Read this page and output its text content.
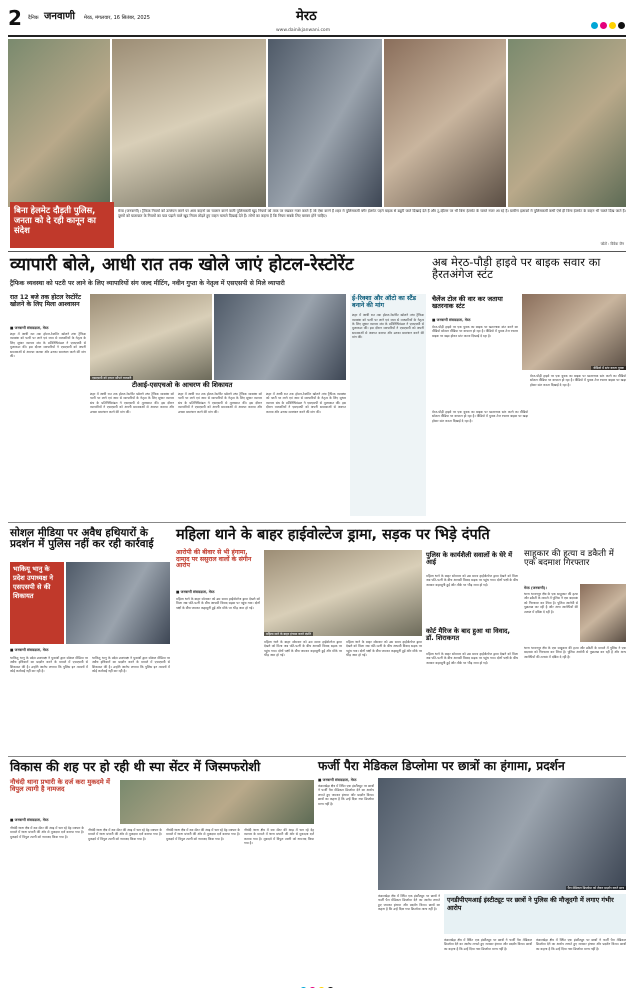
2 दैनिक जनवाणी मेरठ, मंगलवार, 16 सितंबर, 2025	मेरठ
www.dainikjanwani.com
बिना हेलमेट दौड़ती पुलिस, जनता को दे रही कानून का संदेश
मेरठ (जनवाणी)। ट्रैफिक नियमों को उल्लंघन करने पर आम वाहनों का चालान करने वाली पुलिसकर्मी खुद नियमों को ताक पर रखकर नजर करते हैं जो ऐसा करने हैं शहर में पुलिसकर्मी बगैर हेलमेट पहने बाइक से ड्यूटी जाते दिखाई देते हैं और टू-व्हीलर पर भी बिना हेलमेट के चलते नजर आ रहे हैं। ग्रामीण इलाकों में पुलिसकर्मी कभी ऐसे ही बिना हेलमेट के वाहन भी चलते दिख जाते हैं। दूसरों को यातायात के नियमों का पाठ पढ़ाने वाले खुद नियम तोड़ते हुए वाहन चलाते दिखाई देते हैं। लोगों का कहना है कि नियम सबके लिए बराबर होने चाहिए।
फोटो : विवेक जैन
व्यापारी बोले, आधी रात तक खोले जाएं होटल-रेस्टोरेंट
ट्रैफिक व्यवस्था को पटरी पर लाने के लिए व्यापारियों संग जल्द मीटिंग, नवीन गुप्ता के नेतृत्व में एसएसपी से मिले व्यापारी
रात 12 बजे तक होटल रेस्टोरेंट खोलने के लिए मिला आश्वासन
■ जनवाणी संवाददाता, मेरठ
शहर में आधी रात तक होटल-रेस्टोरेंट खोलने तथा ट्रैफिक व्यवस्था को पटरी पर लाने एवं जाम से व्यापारियों के नेतृत्व के लिए सुधार व्यापार संघ के प्रतिनिधिमंडल ने एसएसपी से मुलाकात की। इस दौरान व्यापारियों ने एसएसपी को अपनी समस्याओं से अवगत कराया और उनका समाधान करने की मांग की।
एसएसपी को ज्ञापन सौंपते व्यापारी
टीआई-एसएचओ के आचरण की शिकायत
शहर में आधी रात तक होटल-रेस्टोरेंट खोलने तथा ट्रैफिक व्यवस्था को पटरी पर लाने एवं जाम से व्यापारियों के नेतृत्व के लिए सुधार व्यापार संघ के प्रतिनिधिमंडल ने एसएसपी से मुलाकात की। इस दौरान व्यापारियों ने एसएसपी को अपनी समस्याओं से अवगत कराया और उनका समाधान करने की मांग की।
शहर में आधी रात तक होटल-रेस्टोरेंट खोलने तथा ट्रैफिक व्यवस्था को पटरी पर लाने एवं जाम से व्यापारियों के नेतृत्व के लिए सुधार व्यापार संघ के प्रतिनिधिमंडल ने एसएसपी से मुलाकात की। इस दौरान व्यापारियों ने एसएसपी को अपनी समस्याओं से अवगत कराया और उनका समाधान करने की मांग की।
शहर में आधी रात तक होटल-रेस्टोरेंट खोलने तथा ट्रैफिक व्यवस्था को पटरी पर लाने एवं जाम से व्यापारियों के नेतृत्व के लिए सुधार व्यापार संघ के प्रतिनिधिमंडल ने एसएसपी से मुलाकात की। इस दौरान व्यापारियों ने एसएसपी को अपनी समस्याओं से अवगत कराया और उनका समाधान करने की मांग की।
ई-रिक्शा और ऑटो का स्टैंड बनाने की मांग
शहर में आधी रात तक होटल-रेस्टोरेंट खोलने तथा ट्रैफिक व्यवस्था को पटरी पर लाने एवं जाम से व्यापारियों के नेतृत्व के लिए सुधार व्यापार संघ के प्रतिनिधिमंडल ने एसएसपी से मुलाकात की। इस दौरान व्यापारियों ने एसएसपी को अपनी समस्याओं से अवगत कराया और उनका समाधान करने की मांग की।
अब मेरठ-पौड़ी हाइवे पर बाइक सवार का हैरतअंगेज स्टंट
चैलेंज टोल की वार कर जताया खतरनाक स्टंट
■ जनवाणी संवाददाता, मेरठ
मेरठ-पौड़ी हाइवे पर एक युवक का बाइक पर खतरनाक स्टंट करने का वीडियो सोशल मीडिया पर वायरल हो रहा है। वीडियो में युवक तेज रफ्तार बाइक पर खड़ा होकर स्टंट करता दिखाई दे रहा है।
वीडियो में स्टंट करता युवक
मेरठ-पौड़ी हाइवे पर एक युवक का बाइक पर खतरनाक स्टंट करने का वीडियो सोशल मीडिया पर वायरल हो रहा है। वीडियो में युवक तेज रफ्तार बाइक पर खड़ा होकर स्टंट करता दिखाई दे रहा है।
मेरठ-पौड़ी हाइवे पर एक युवक का बाइक पर खतरनाक स्टंट करने का वीडियो सोशल मीडिया पर वायरल हो रहा है। वीडियो में युवक तेज रफ्तार बाइक पर खड़ा होकर स्टंट करता दिखाई दे रहा है।
सोशल मीडिया पर अवैध हथियारों के प्रदर्शन में पुलिस नहीं कर रही कार्रवाई
भाकियू भानु के प्रदेश उपाध्यक्ष ने एसएसपी से की शिकायत
■ जनवाणी संवाददाता, मेरठ
भाकियू भानु के प्रदेश उपाध्यक्ष ने युवाओं द्वारा सोशल मीडिया पर अवैध हथियारों का प्रदर्शन करने के मामले में एसएसपी से शिकायत की है। उन्होंने आरोप लगाया कि पुलिस इन मामलों में कोई कार्रवाई नहीं कर रही है।
भाकियू भानु के प्रदेश उपाध्यक्ष ने युवाओं द्वारा सोशल मीडिया पर अवैध हथियारों का प्रदर्शन करने के मामले में एसएसपी से शिकायत की है। उन्होंने आरोप लगाया कि पुलिस इन मामलों में कोई कार्रवाई नहीं कर रही है।
महिला थाने के बाहर हाईवोल्टेज ड्रामा, सड़क पर भिड़े दंपति
आरोपी की बीवार से भी हंगामा, दामाद पर ससुराल वालों के संगीन आरोप
■ जनवाणी संवाददाता, मेरठ
महिला थाने के बाहर सोमवार को उस समय हाईवोल्टेज ड्रामा देखने को मिला जब पति-पत्नी के बीच आपसी विवाद सड़क पर पहुंच गया। दोनों पक्षों के बीच जमकर कहासुनी हुई और मौके पर भीड़ जमा हो गई।
महिला थाने के बाहर हंगामा करते दंपति
महिला थाने के बाहर सोमवार को उस समय हाईवोल्टेज ड्रामा देखने को मिला जब पति-पत्नी के बीच आपसी विवाद सड़क पर पहुंच गया। दोनों पक्षों के बीच जमकर कहासुनी हुई और मौके पर भीड़ जमा हो गई।
महिला थाने के बाहर सोमवार को उस समय हाईवोल्टेज ड्रामा देखने को मिला जब पति-पत्नी के बीच आपसी विवाद सड़क पर पहुंच गया। दोनों पक्षों के बीच जमकर कहासुनी हुई और मौके पर भीड़ जमा हो गई।
पुलिस के कार्यशैली सवालों के घेरे में आई
महिला थाने के बाहर सोमवार को उस समय हाईवोल्टेज ड्रामा देखने को मिला जब पति-पत्नी के बीच आपसी विवाद सड़क पर पहुंच गया। दोनों पक्षों के बीच जमकर कहासुनी हुई और मौके पर भीड़ जमा हो गई।
कोर्ट मैरिज के बाद हुआ था विवाद, डॉ. शिराकगत
महिला थाने के बाहर सोमवार को उस समय हाईवोल्टेज ड्रामा देखने को मिला जब पति-पत्नी के बीच आपसी विवाद सड़क पर पहुंच गया। दोनों पक्षों के बीच जमकर कहासुनी हुई और मौके पर भीड़ जमा हो गई।
साहूकार की हत्या व डकैती में एक बदमाश गिरफ्तार
मेरठ (जनवाणी)।
थाना भावनपुर क्षेत्र के एक साहूकार की हत्या और डकैती के मामले में पुलिस ने एक बदमाश को गिरफ्तार कर लिया है। पुलिस आरोपी से पूछताछ कर रही है और अन्य आरोपियों की तलाश में दबिश दे रही है।
थाना भावनपुर क्षेत्र के एक साहूकार की हत्या और डकैती के मामले में पुलिस ने एक बदमाश को गिरफ्तार कर लिया है। पुलिस आरोपी से पूछताछ कर रही है और अन्य आरोपियों की तलाश में दबिश दे रही है।
विकास की शह पर हो रही थी स्पा सेंटर में जिस्मफरोशी
नौचंदी थाना प्रभारी के दर्ज करा मुकदमे में विपुल त्यागी है नामजद
■ जनवाणी संवाददाता, मेरठ
नौचंदी थाना क्षेत्र में स्पा सेंटर की आड़ में चल रहे देह व्यापार के मामले में थाना प्रभारी की ओर से मुकदमा दर्ज कराया गया है। मुकदमे में विपुल त्यागी को नामजद किया गया है।
नौचंदी थाना क्षेत्र में स्पा सेंटर की आड़ में चल रहे देह व्यापार के मामले में थाना प्रभारी की ओर से मुकदमा दर्ज कराया गया है। मुकदमे में विपुल त्यागी को नामजद किया गया है।
नौचंदी थाना क्षेत्र में स्पा सेंटर की आड़ में चल रहे देह व्यापार के मामले में थाना प्रभारी की ओर से मुकदमा दर्ज कराया गया है। मुकदमे में विपुल त्यागी को नामजद किया गया है।
नौचंदी थाना क्षेत्र में स्पा सेंटर की आड़ में चल रहे देह व्यापार के मामले में थाना प्रभारी की ओर से मुकदमा दर्ज कराया गया है। मुकदमे में विपुल त्यागी को नामजद किया गया है।
फर्जी पैरा मेडिकल डिप्लोमा पर छात्रों का हंगामा, प्रदर्शन
■ जनवाणी संवाददाता, मेरठ
कंकरखेड़ा क्षेत्र में स्थित एक इंस्टीट्यूट पर छात्रों ने फर्जी पैरा मेडिकल डिप्लोमा देने का आरोप लगाते हुए जमकर हंगामा और प्रदर्शन किया। छात्रों का कहना है कि उन्हें दिया गया डिप्लोमा मान्य नहीं है।
पैरा मेडिकल डिप्लोमा को लेकर प्रदर्शन करते छात्र
कंकरखेड़ा क्षेत्र में स्थित एक इंस्टीट्यूट पर छात्रों ने फर्जी पैरा मेडिकल डिप्लोमा देने का आरोप लगाते हुए जमकर हंगामा और प्रदर्शन किया। छात्रों का कहना है कि उन्हें दिया गया डिप्लोमा मान्य नहीं है।
एनडीपीएमआई इंस्टीट्यूट पर छात्रों ने पुलिस की मौजूदगी में लगाए गंभीर आरोप
कंकरखेड़ा क्षेत्र में स्थित एक इंस्टीट्यूट पर छात्रों ने फर्जी पैरा मेडिकल डिप्लोमा देने का आरोप लगाते हुए जमकर हंगामा और प्रदर्शन किया। छात्रों का कहना है कि उन्हें दिया गया डिप्लोमा मान्य नहीं है।
कंकरखेड़ा क्षेत्र में स्थित एक इंस्टीट्यूट पर छात्रों ने फर्जी पैरा मेडिकल डिप्लोमा देने का आरोप लगाते हुए जमकर हंगामा और प्रदर्शन किया। छात्रों का कहना है कि उन्हें दिया गया डिप्लोमा मान्य नहीं है।
